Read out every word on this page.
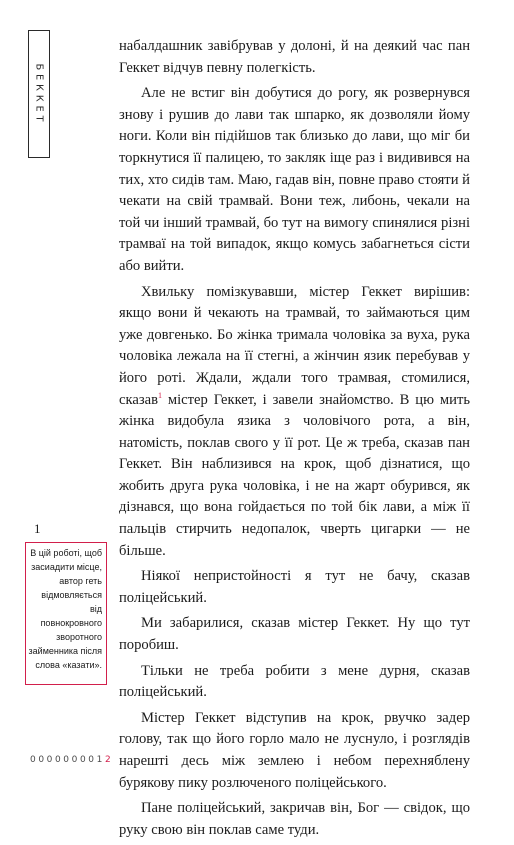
БЕККЕТ

набалдашник завібрував у долоні, й на деякий час пан Геккет відчув певну полегкість.

Але не встиг він добутися до рогу, як розвернувся знову і рушив до лави так шпарко, як дозволяли йому ноги. Коли він підійшов так близько до лави, що міг би торкнутися її палицею, то закляк іще раз і видивився на тих, хто сидів там. Маю, гадав він, повне право стояти й чекати на свій трамвай. Вони теж, либонь, чекали на той чи інший трамвай, бо тут на вимогу спинялися різні трамваї на той випадок, якщо комусь забагнеться сісти або вийти.

Хвильку помізкувавши, містер Геккет вирішив: якщо вони й чекають на трамвай, то займаються цим уже довгенько. Бо жінка тримала чоловіка за вуха, рука чоловіка лежала на її стегні, а жінчин язик перебував у його роті. Ждали, ждали того трамвая, стомилися, сказав$^1$ містер Геккет, і завели знайомство. В цю мить жінка видобула язика з чоловічого рота, а він, натомість, поклав свого у її рот. Це ж треба, сказав пан Геккет. Він наблизився на крок, щоб дізнатися, що жобить друга рука чоловіка, і не на жарт обурився, як дізнався, що вона гойдається по той бік лави, а між її пальців стирчить недопалок, чверть цигарки — не більше.

Ніякої непристойності я тут не бачу, сказав поліцейський.

Ми забарилися, сказав містер Геккет. Ну що тут поробиш.

Тільки не треба робити з мене дурня, сказав поліцейський.

Містер Геккет відступив на крок, рвучко задер голову, так що його горло мало не луснуло, і розглядів нарешті десь між землею і небом перехняблену бурякову пику розлюченого поліцейського.

Пане поліцейський, закричав він, Бог — свідок, що руку свою він поклав саме туди.

1
В цій роботі, щоб засиадити місце, автор геть відмовляється від повнокровного зворотного займенника після слова «казати».
0000000012
